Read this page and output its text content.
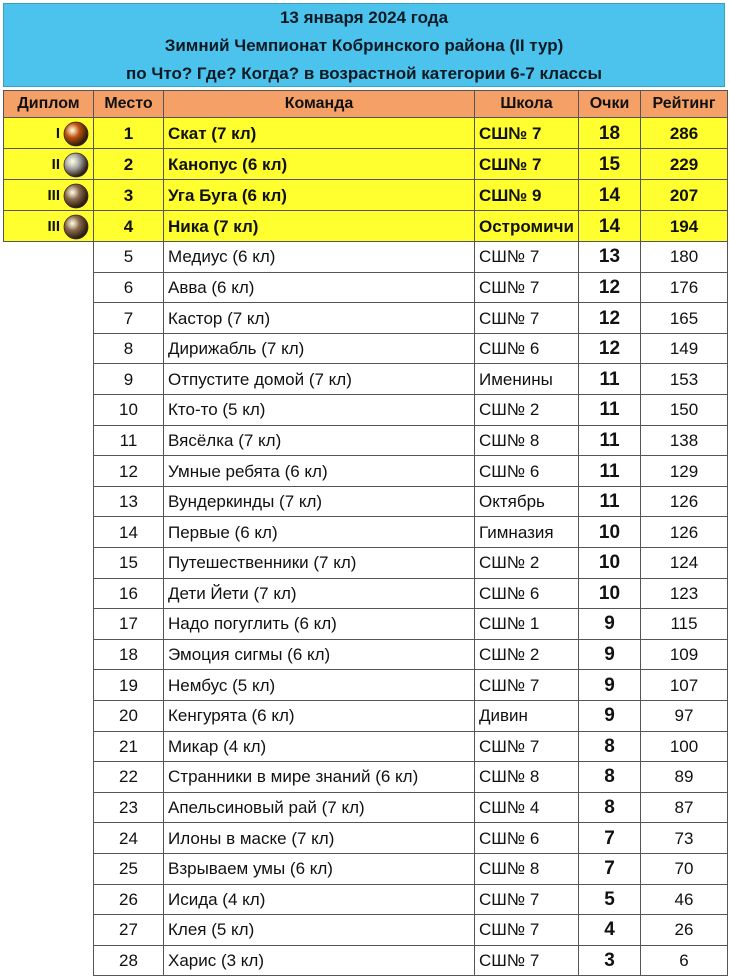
13 января 2024 года
Зимний Чемпионат Кобринского района (II тур)
по Что? Где? Когда? в возрастной категории 6-7 классы
Диплом	Место	Команда	Школа	Очки	Рейтинг

I	1	Скат (7 кл)	СШ№ 7	18	286

II	2	Канопус (6 кл)	СШ№ 7	15	229

III	3	Уга Буга (6 кл)	СШ№ 9	14	207

III	4	Ника (7 кл)	Остромичи	14	194
	5	Медиус (6 кл)	СШ№ 7	13	180
	6	Авва (6 кл)	СШ№ 7	12	176
	7	Кастор (7 кл)	СШ№ 7	12	165
	8	Дирижабль (7 кл)	СШ№ 6	12	149
	9	Отпустите домой (7 кл)	Именины	11	153
	10	Кто-то (5 кл)	СШ№ 2	11	150
	11	Вясёлка (7 кл)	СШ№ 8	11	138
	12	Умные ребята (6 кл)	СШ№ 6	11	129
	13	Вундеркинды (7 кл)	Октябрь	11	126
	14	Первые (6 кл)	Гимназия	10	126
	15	Путешественники (7 кл)	СШ№ 2	10	124
	16	Дети Йети (7 кл)	СШ№ 6	10	123
	17	Надо погуглить (6 кл)	СШ№ 1	9	115
	18	Эмоция сигмы (6 кл)	СШ№ 2	9	109
	19	Нембус (5 кл)	СШ№ 7	9	107
	20	Кенгурята (6 кл)	Дивин	9	97
	21	Микар (4 кл)	СШ№ 7	8	100
	22	Странники в мире знаний (6 кл)	СШ№ 8	8	89
	23	Апельсиновый рай (7 кл)	СШ№ 4	8	87
	24	Илоны в маске (7 кл)	СШ№ 6	7	73
	25	Взрываем умы (6 кл)	СШ№ 8	7	70
	26	Исида (4 кл)	СШ№ 7	5	46
	27	Клея (5 кл)	СШ№ 7	4	26
	28	Харис (3 кл)	СШ№ 7	3	6
